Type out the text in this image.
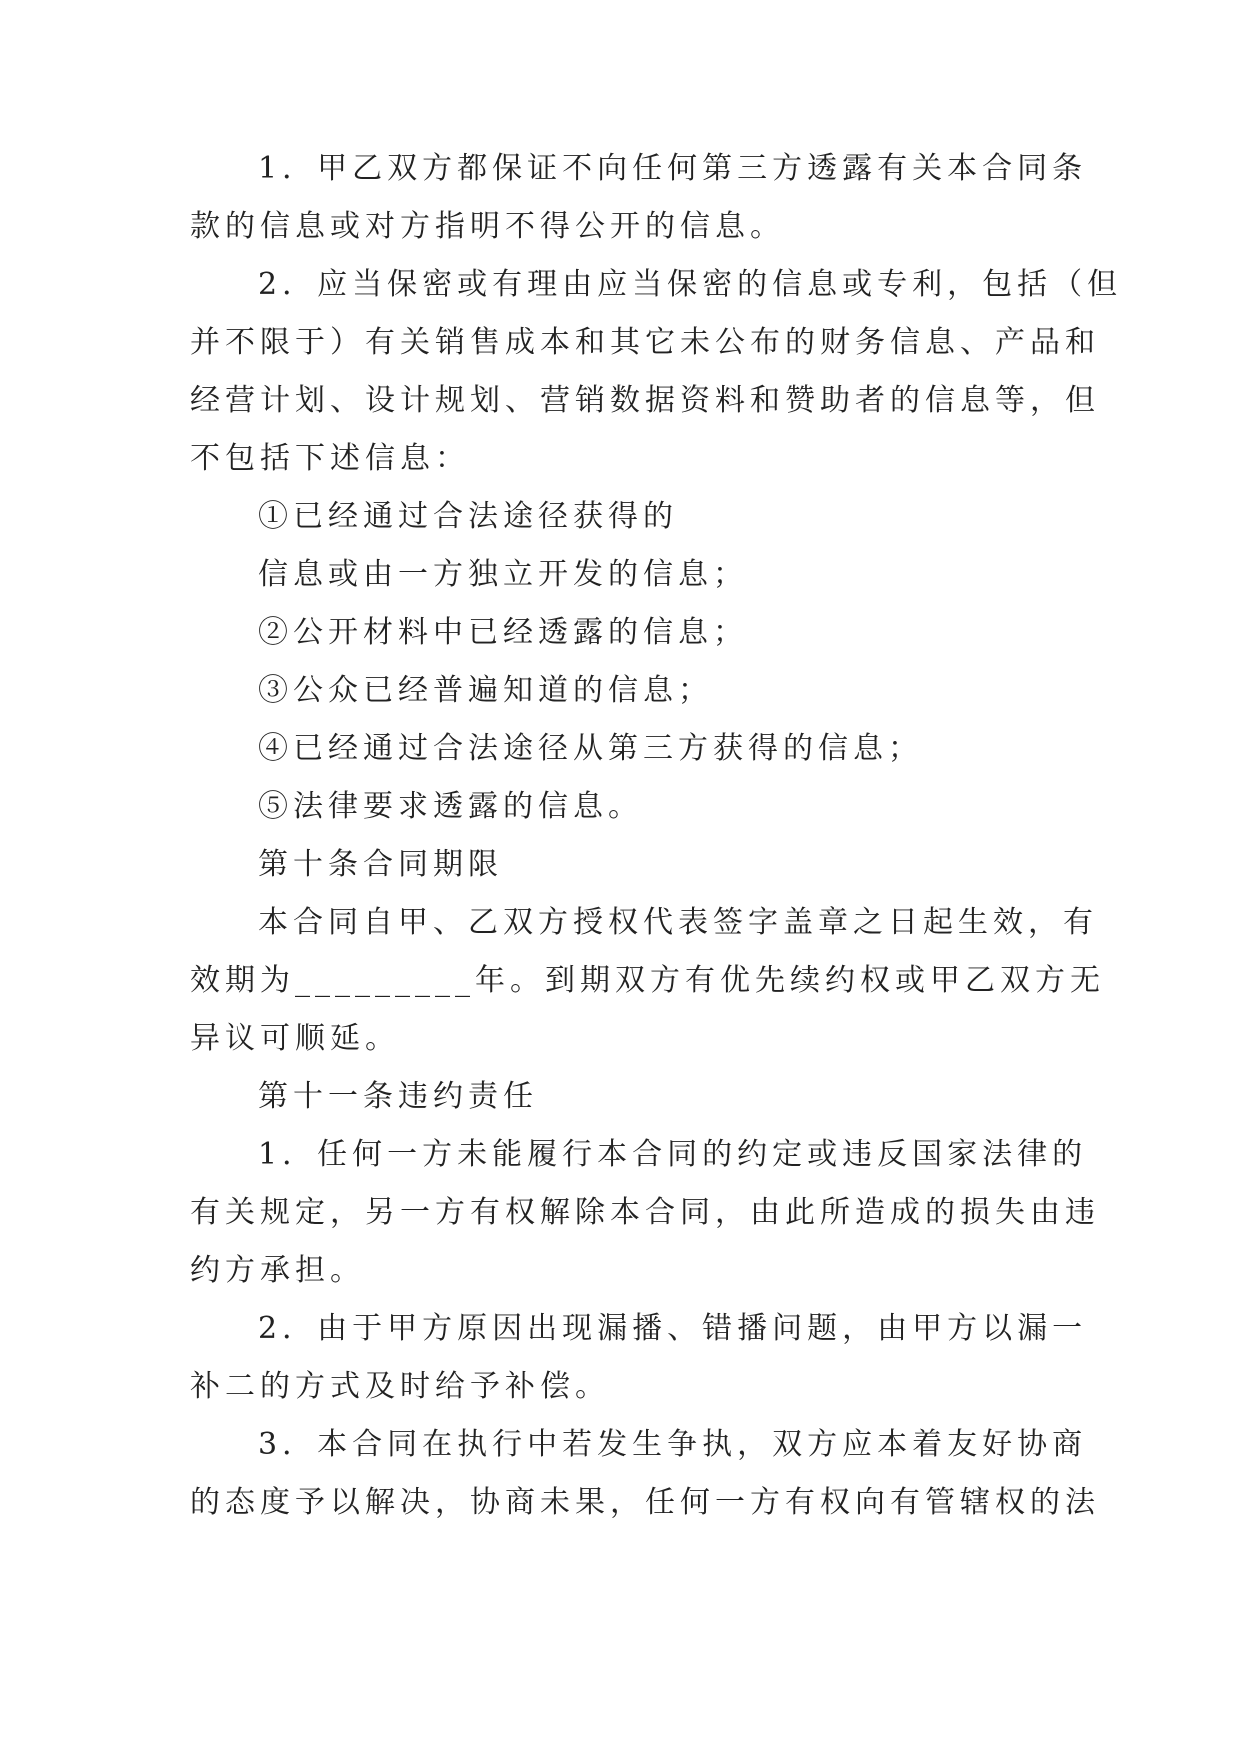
1．甲乙双方都保证不向任何第三方透露有关本合同条

款的信息或对方指明不得公开的信息。

2．应当保密或有理由应当保密的信息或专利，包括（但

并不限于）有关销售成本和其它未公布的财务信息、产品和

经营计划、设计规划、营销数据资料和赞助者的信息等，但

不包括下述信息：

①已经通过合法途径获得的

信息或由一方独立开发的信息；

②公开材料中已经透露的信息；

③公众已经普遍知道的信息；

④已经通过合法途径从第三方获得的信息；

⑤法律要求透露的信息。

第十条合同期限

本合同自甲、乙双方授权代表签字盖章之日起生效，有

效期为_________年。到期双方有优先续约权或甲乙双方无

异议可顺延。

第十一条违约责任

1．任何一方未能履行本合同的约定或违反国家法律的

有关规定，另一方有权解除本合同，由此所造成的损失由违

约方承担。

2．由于甲方原因出现漏播、错播问题，由甲方以漏一

补二的方式及时给予补偿。

3．本合同在执行中若发生争执，双方应本着友好协商

的态度予以解决，协商未果，任何一方有权向有管辖权的法
